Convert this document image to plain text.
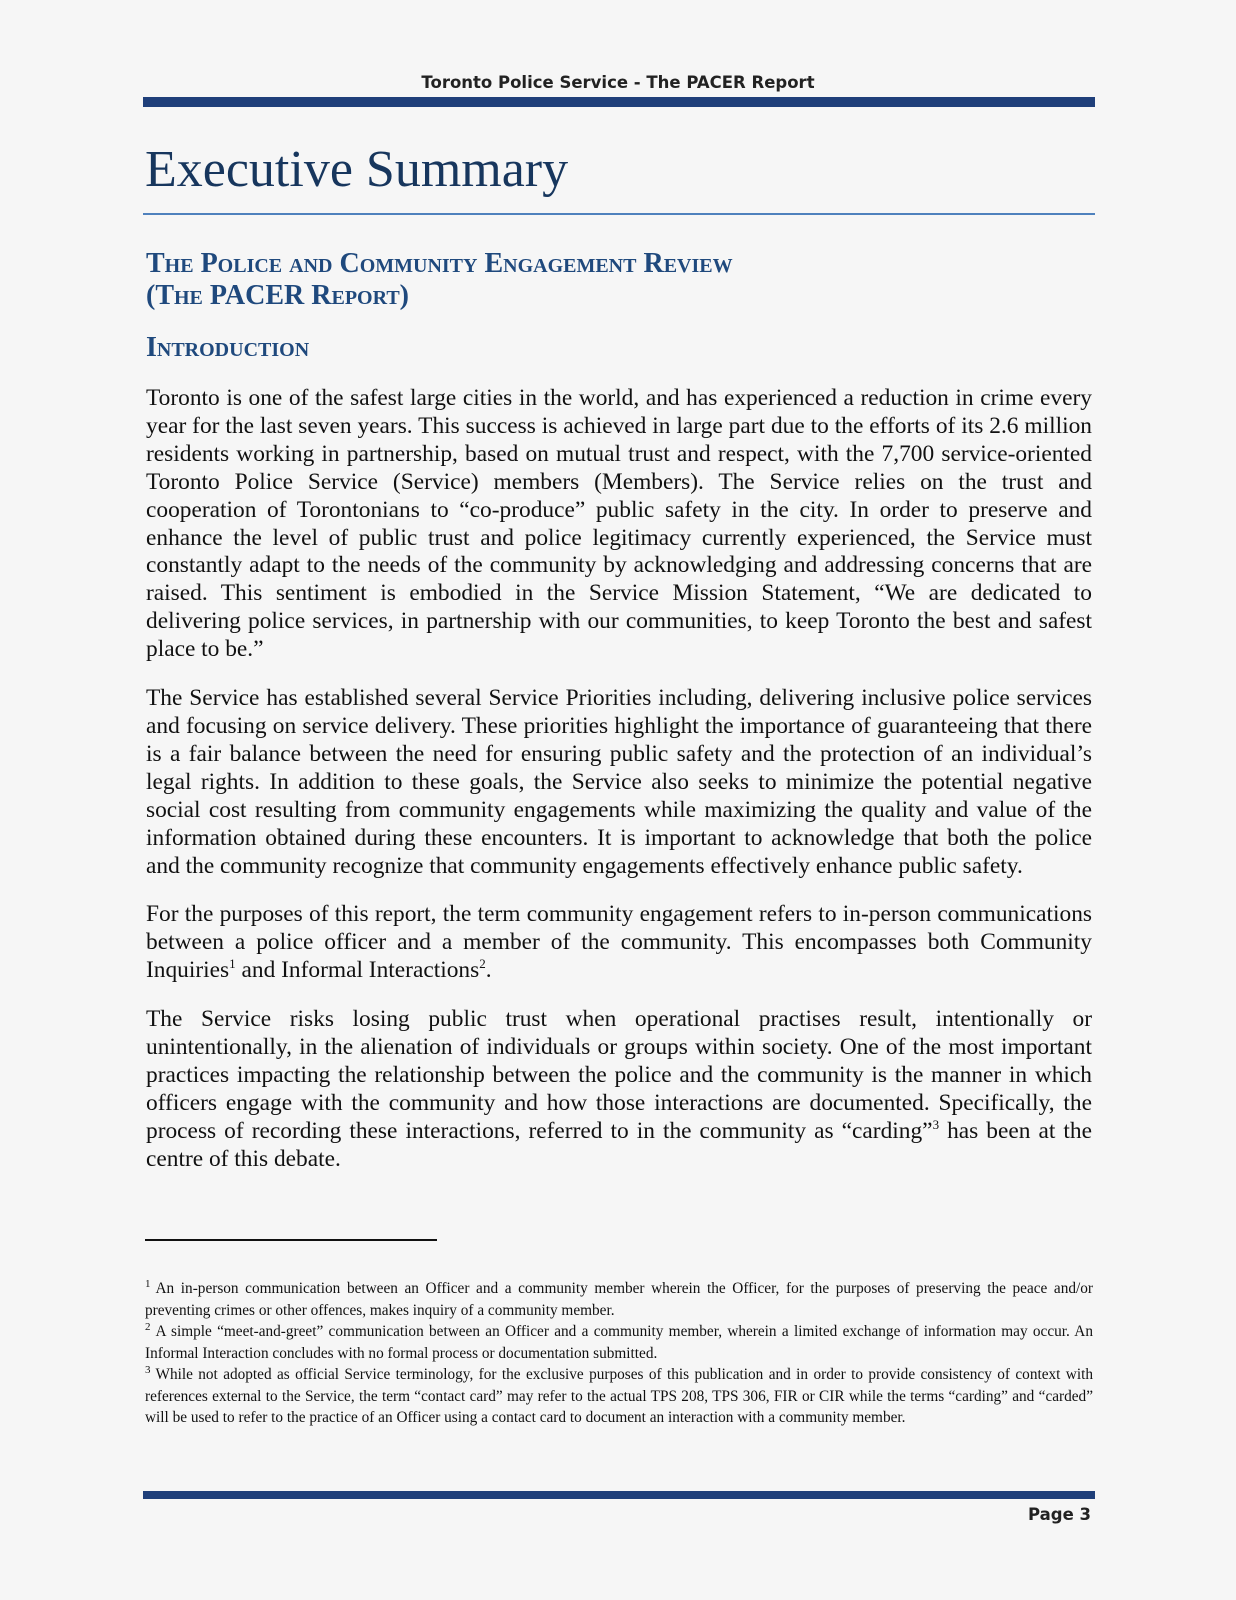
Toronto Police Service - The PACER Report
Executive Summary
The Police and Community Engagement Review
(The PACER Report)
Introduction

Toronto is one of the safest large cities in the world, and has experienced a reduction in crime every year for the last seven years. This success is achieved in large part due to the efforts of its 2.6 million residents working in partnership, based on mutual trust and respect, with the 7,700 service-oriented Toronto Police Service (Service) members (Members). The Service relies on the trust and cooperation of Torontonians to “co-produce” public safety in the city. In order to preserve and enhance the level of public trust and police legitimacy currently experienced, the Service must constantly adapt to the needs of the community by acknowledging and addressing concerns that are raised. This sentiment is embodied in the Service Mission Statement, “We are dedicated to delivering police services, in partnership with our communities, to keep Toronto the best and safest place to be.”

The Service has established several Service Priorities including, delivering inclusive police services and focusing on service delivery. These priorities highlight the importance of guaranteeing that there is a fair balance between the need for ensuring public safety and the protection of an individual’s legal rights. In addition to these goals, the Service also seeks to minimize the potential negative social cost resulting from community engagements while maximizing the quality and value of the information obtained during these encounters. It is important to acknowledge that both the police and the community recognize that community engagements effectively enhance public safety.

For the purposes of this report, the term community engagement refers to in-person communications between a police officer and a member of the community. This encompasses both Community Inquiries$^1$ and Informal Interactions$^2$.

The Service risks losing public trust when operational practises result, intentionally or unintentionally, in the alienation of individuals or groups within society. One of the most important practices impacting the relationship between the police and the community is the manner in which officers engage with the community and how those interactions are documented. Specifically, the process of recording these interactions, referred to in the community as “carding”$^3$ has been at the centre of this debate.

$^1$ An in-person communication between an Officer and a community member wherein the Officer, for the purposes of preserving the peace and/or preventing crimes or other offences, makes inquiry of a community member.

$^2$ A simple “meet-and-greet” communication between an Officer and a community member, wherein a limited exchange of information may occur. An Informal Interaction concludes with no formal process or documentation submitted.

$^3$ While not adopted as official Service terminology, for the exclusive purposes of this publication and in order to provide consistency of context with references external to the Service, the term “contact card” may refer to the actual TPS 208, TPS 306, FIR or CIR while the terms “carding” and “carded” will be used to refer to the practice of an Officer using a contact card to document an interaction with a community member.

Page 3
